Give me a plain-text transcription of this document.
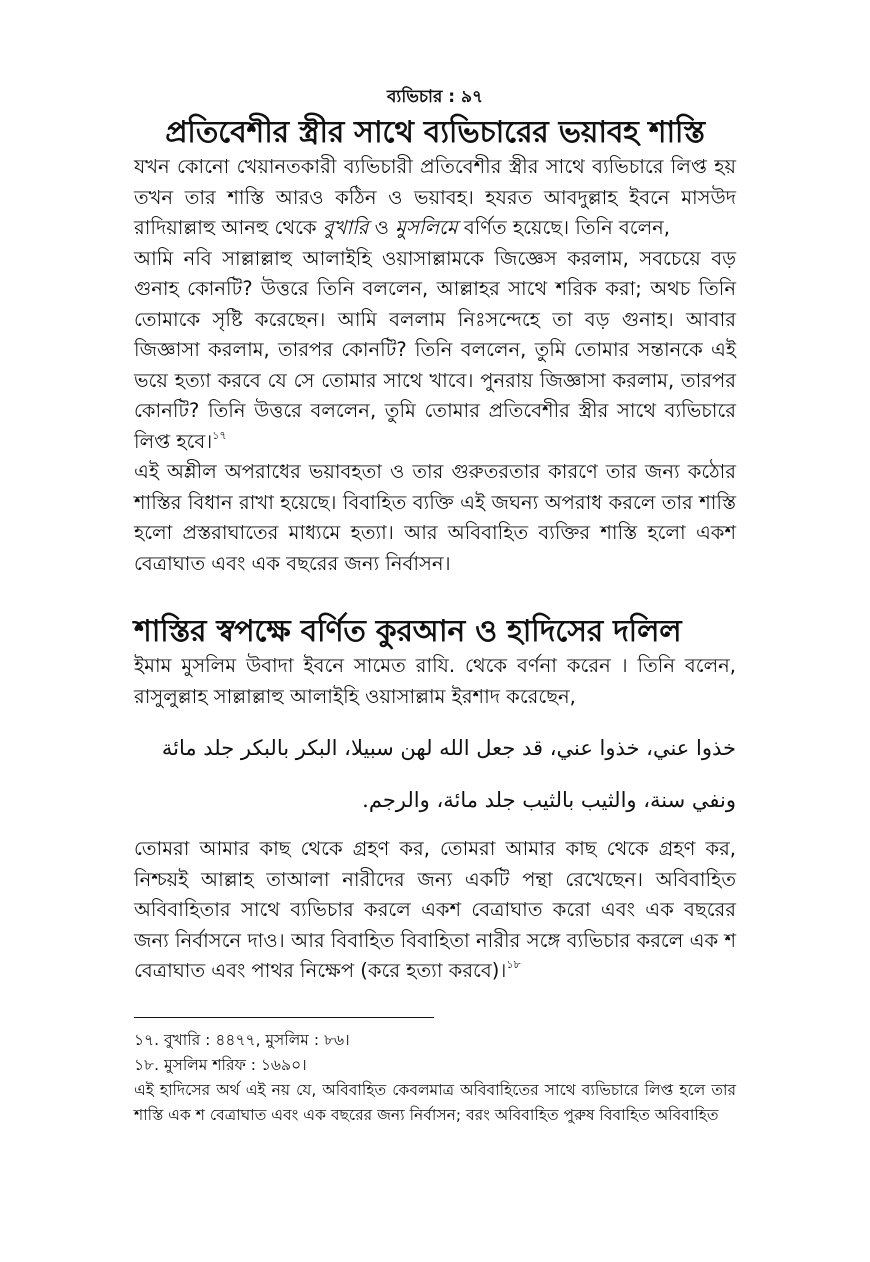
ব্যভিচার : ৯৭
প্রতিবেশীর স্ত্রীর সাথে ব্যভিচারের ভয়াবহ শাস্তি

যখন কোনো খেয়ানতকারী ব্যভিচারী প্রতিবেশীর স্ত্রীর সাথে ব্যভিচারে লিপ্ত হয় তখন তার শাস্তি আরও কঠিন ও ভয়াবহ। হযরত আবদুল্লাহ ইবনে মাসউদ রাদিয়াল্লাহু আনহু থেকে বুখারি ও মুসলিমে বর্ণিত হয়েছে। তিনি বলেন,

আমি নবি সাল্লাল্লাহু আলাইহি ওয়াসাল্লামকে জিজ্ঞেস করলাম, সবচেয়ে বড় গুনাহ কোনটি? উত্তরে তিনি বললেন, আল্লাহর সাথে শরিক করা; অথচ তিনি তোমাকে সৃষ্টি করেছেন। আমি বললাম নিঃসন্দেহে তা বড় গুনাহ। আবার জিজ্ঞাসা করলাম, তারপর কোনটি? তিনি বললেন, তুমি তোমার সন্তানকে এই ভয়ে হত্যা করবে যে সে তোমার সাথে খাবে। পুনরায় জিজ্ঞাসা করলাম, তারপর কোনটি? তিনি উত্তরে বললেন, তুমি তোমার প্রতিবেশীর স্ত্রীর সাথে ব্যভিচারে লিপ্ত হবে।$^{১৭}$

এই অশ্লীল অপরাধের ভয়াবহতা ও তার গুরুতরতার কারণে তার জন্য কঠোর শাস্তির বিধান রাখা হয়েছে। বিবাহিত ব্যক্তি এই জঘন্য অপরাধ করলে তার শাস্তি হলো প্রস্তরাঘাতের মাধ্যমে হত্যা। আর অবিবাহিত ব্যক্তির শাস্তি হলো একশ বেত্রাঘাত এবং এক বছরের জন্য নির্বাসন।

শাস্তির স্বপক্ষে বর্ণিত কুরআন ও হাদিসের দলিল

ইমাম মুসলিম উবাদা ইবনে সামেত রাযি. থেকে বর্ণনা করেন । তিনি বলেন, রাসুলুল্লাহ সাল্লাল্লাহু আলাইহি ওয়াসাল্লাম ইরশাদ করেছেন,

خذوا عني، خذوا عني، قد جعل الله لهن سبيلا، البكر بالبكر جلد مائة ونفي سنة، والثيب بالثيب جلد مائة، والرجم.

তোমরা আমার কাছ থেকে গ্রহণ কর, তোমরা আমার কাছ থেকে গ্রহণ কর, নিশ্চয়ই আল্লাহ তাআলা নারীদের জন্য একটি পন্থা রেখেছেন। অবিবাহিত অবিবাহিতার সাথে ব্যভিচার করলে একশ বেত্রাঘাত করো এবং এক বছরের জন্য নির্বাসনে দাও। আর বিবাহিত বিবাহিতা নারীর সঙ্গে ব্যভিচার করলে এক শ বেত্রাঘাত এবং পাথর নিক্ষেপ (করে হত্যা করবে)।$^{১৮}$

১৭. বুখারি : ৪৪৭৭, মুসলিম : ৮৬।

১৮. মুসলিম শরিফ : ১৬৯০।

এই হাদিসের অর্থ এই নয় যে, অবিবাহিত কেবলমাত্র অবিবাহিতের সাথে ব্যভিচারে লিপ্ত হলে তার শাস্তি এক শ বেত্রাঘাত এবং এক বছরের জন্য নির্বাসন; বরং অবিবাহিত পুরুষ বিবাহিত অবিবাহিত
